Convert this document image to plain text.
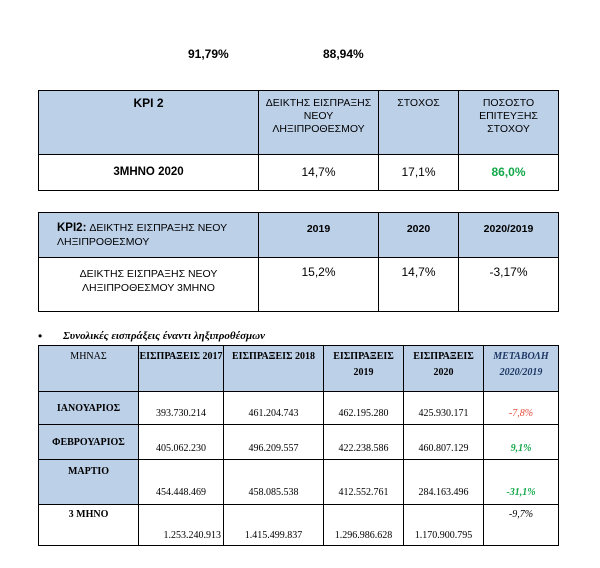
91,79%	88,94%
KPI 2	ΔΕΙΚΤΗΣ ΕΙΣΠΡΑΞΗΣ ΝΕΟΥ ΛΗΞΙΠΡΟΘΕΣΜΟΥ	ΣΤΟΧΟΣ	ΠΟΣΟΣΤΟ ΕΠΙΤΕΥΞΗΣ ΣΤΟΧΟΥ
3ΜΗΝΟ 2020	14,7%	17,1%	86,0%
KPI2: ΔΕΙΚΤΗΣ ΕΙΣΠΡΑΞΗΣ ΝΕΟΥ ΛΗΞΙΠΡΟΘΕΣΜΟΥ	2019	2020	2020/2019
ΔΕΙΚΤΗΣ ΕΙΣΠΡΑΞΗΣ ΝΕΟΥ ΛΗΞΙΠΡΟΘΕΣΜΟΥ 3ΜΗΝΟ	15,2%	14,7%	-3,17%
• Συνολικές εισπράξεις έναντι ληξιπροθέσμων
ΜΗΝΑΣ	ΕΙΣΠΡΑΞΕΙΣ 2017	ΕΙΣΠΡΑΞΕΙΣ 2018	ΕΙΣΠΡΑΞΕΙΣ 2019	ΕΙΣΠΡΑΞΕΙΣ 2020	ΜΕΤΑΒΟΛΗ 2020/2019
ΙΑΝΟΥΑΡΙΟΣ	393.730.214	461.204.743	462.195.280	425.930.171	-7,8%
ΦΕΒΡΟΥΑΡΙΟΣ	405.062.230	496.209.557	422.238.586	460.807.129	9,1%
ΜΑΡΤΙΟ	454.448.469	458.085.538	412.552.761	284.163.496	-31,1%
3 ΜΗΝΟ	1.253.240.913	1.415.499.837	1.296.986.628	1.170.900.795	-9,7%
